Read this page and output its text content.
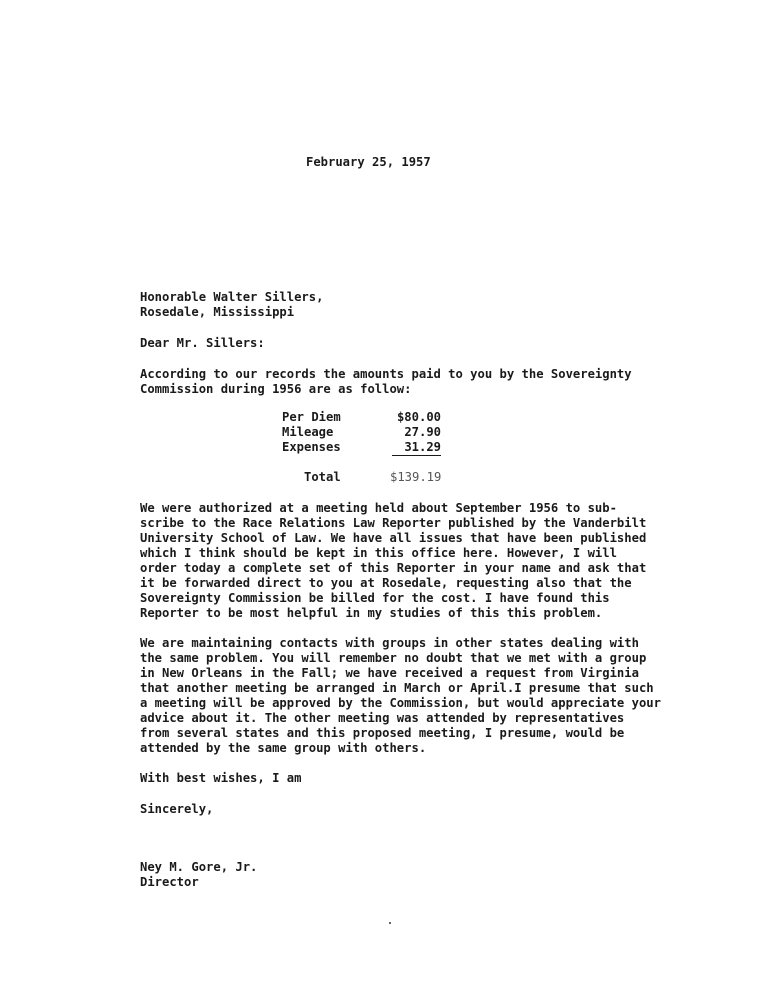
February 25, 1957
Honorable Walter Sillers,
Rosedale, Mississippi
Dear Mr. Sillers:
According to our records the amounts paid to you by the Sovereignty
Commission during 1956 are as follow:
Per Diem	$80.00
Mileage	27.90
Expenses	31.29
Total	$139.19
We were authorized at a meeting held about September 1956 to sub-
scribe to the Race Relations Law Reporter published by the Vanderbilt
University School of Law. We have all issues that have been published
which I think should be kept in this office here. However, I will
order today a complete set of this Reporter in your name and ask that
it be forwarded direct to you at Rosedale, requesting also that the
Sovereignty Commission be billed for the cost. I have found this
Reporter to be most helpful in my studies of this this problem.
We are maintaining contacts with groups in other states dealing with
the same problem. You will remember no doubt that we met with a group
in New Orleans in the Fall; we have received a request from Virginia
that another meeting be arranged in March or April.I presume that such
a meeting will be approved by the Commission, but would appreciate your
advice about it. The other meeting was attended by representatives
from several states and this proposed meeting, I presume, would be
attended by the same group with others.
With best wishes, I am
Sincerely,
Ney M. Gore, Jr.
Director
